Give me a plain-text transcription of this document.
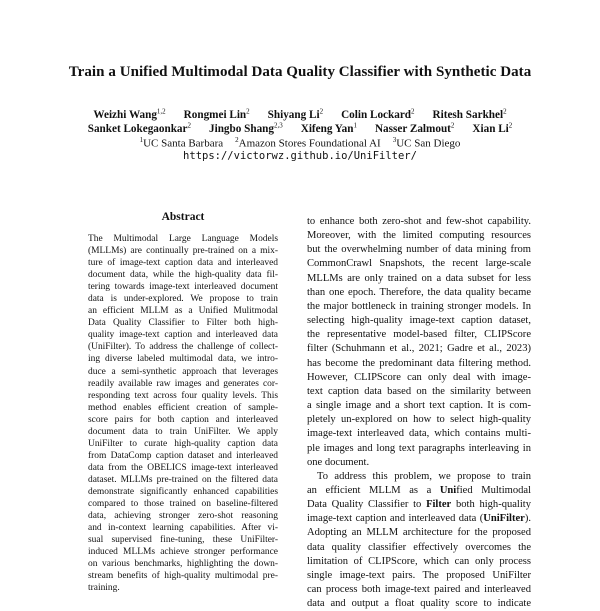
Train a Unified Multimodal Data Quality Classifier with Synthetic Data
Weizhi Wang$^{1,2}$ Rongmei Lin$^2$ Shiyang Li$^2$ Colin Lockard$^2$ Ritesh Sarkhel$^2$
Sanket Lokegaonkar$^2$ Jingbo Shang$^{2,3}$ Xifeng Yan$^1$ Nasser Zalmout$^2$ Xian Li$^2$
$^1$UC Santa Barbara $^2$Amazon Stores Foundational AI $^3$UC San Diego
https://victorwz.github.io/UniFilter/
Abstract
The Multimodal Large Language Models
(MLLMs) are continually pre-trained on a mix-
ture of image-text caption data and interleaved
document data, while the high-quality data fil-
tering towards image-text interleaved document
data is under-explored. We propose to train
an efficient MLLM as a Unified Mulitmodal
Data Quality Classifier to Filter both high-
quality image-text caption and interleaved data
(UniFilter). To address the challenge of collect-
ing diverse labeled multimodal data, we intro-
duce a semi-synthetic approach that leverages
readily available raw images and generates cor-
responding text across four quality levels. This
method enables efficient creation of sample-
score pairs for both caption and interleaved
document data to train UniFilter. We apply
UniFilter to curate high-quality caption data
from DataComp caption dataset and interleaved
data from the OBELICS image-text interleaved
dataset. MLLMs pre-trained on the filtered data
demonstrate significantly enhanced capabilities
compared to those trained on baseline-filtered
data, achieving stronger zero-shot reasoning
and in-context learning capabilities. After vi-
sual supervised fine-tuning, these UniFilter-
induced MLLMs achieve stronger performance
on various benchmarks, highlighting the down-
stream benefits of high-quality multimodal pre-
training.
to enhance both zero-shot and few-shot capability.
Moreover, with the limited computing resources
but the overwhelming number of data mining from
CommonCrawl Snapshots, the recent large-scale
MLLMs are only trained on a data subset for less
than one epoch. Therefore, the data quality became
the major bottleneck in training stronger models. In
selecting high-quality image-text caption dataset,
the representative model-based filter, CLIPScore
filter (Schuhmann et al., 2021; Gadre et al., 2023)
has become the predominant data filtering method.
However, CLIPScore can only deal with image-
text caption data based on the similarity between
a single image and a short text caption. It is com-
pletely un-explored on how to select high-quality
image-text interleaved data, which contains multi-
ple images and long text paragraphs interleaving in
one document.
To address this problem, we propose to train
an efficient MLLM as a Unified Multimodal
Data Quality Classifier to Filter both high-quality
image-text caption and interleaved data (UniFilter).
Adopting an MLLM architecture for the proposed
data quality classifier effectively overcomes the
limitation of CLIPScore, which can only process
single image-text pairs. The proposed UniFilter
can process both image-text paired and interleaved
data and output a float quality score to indicate
